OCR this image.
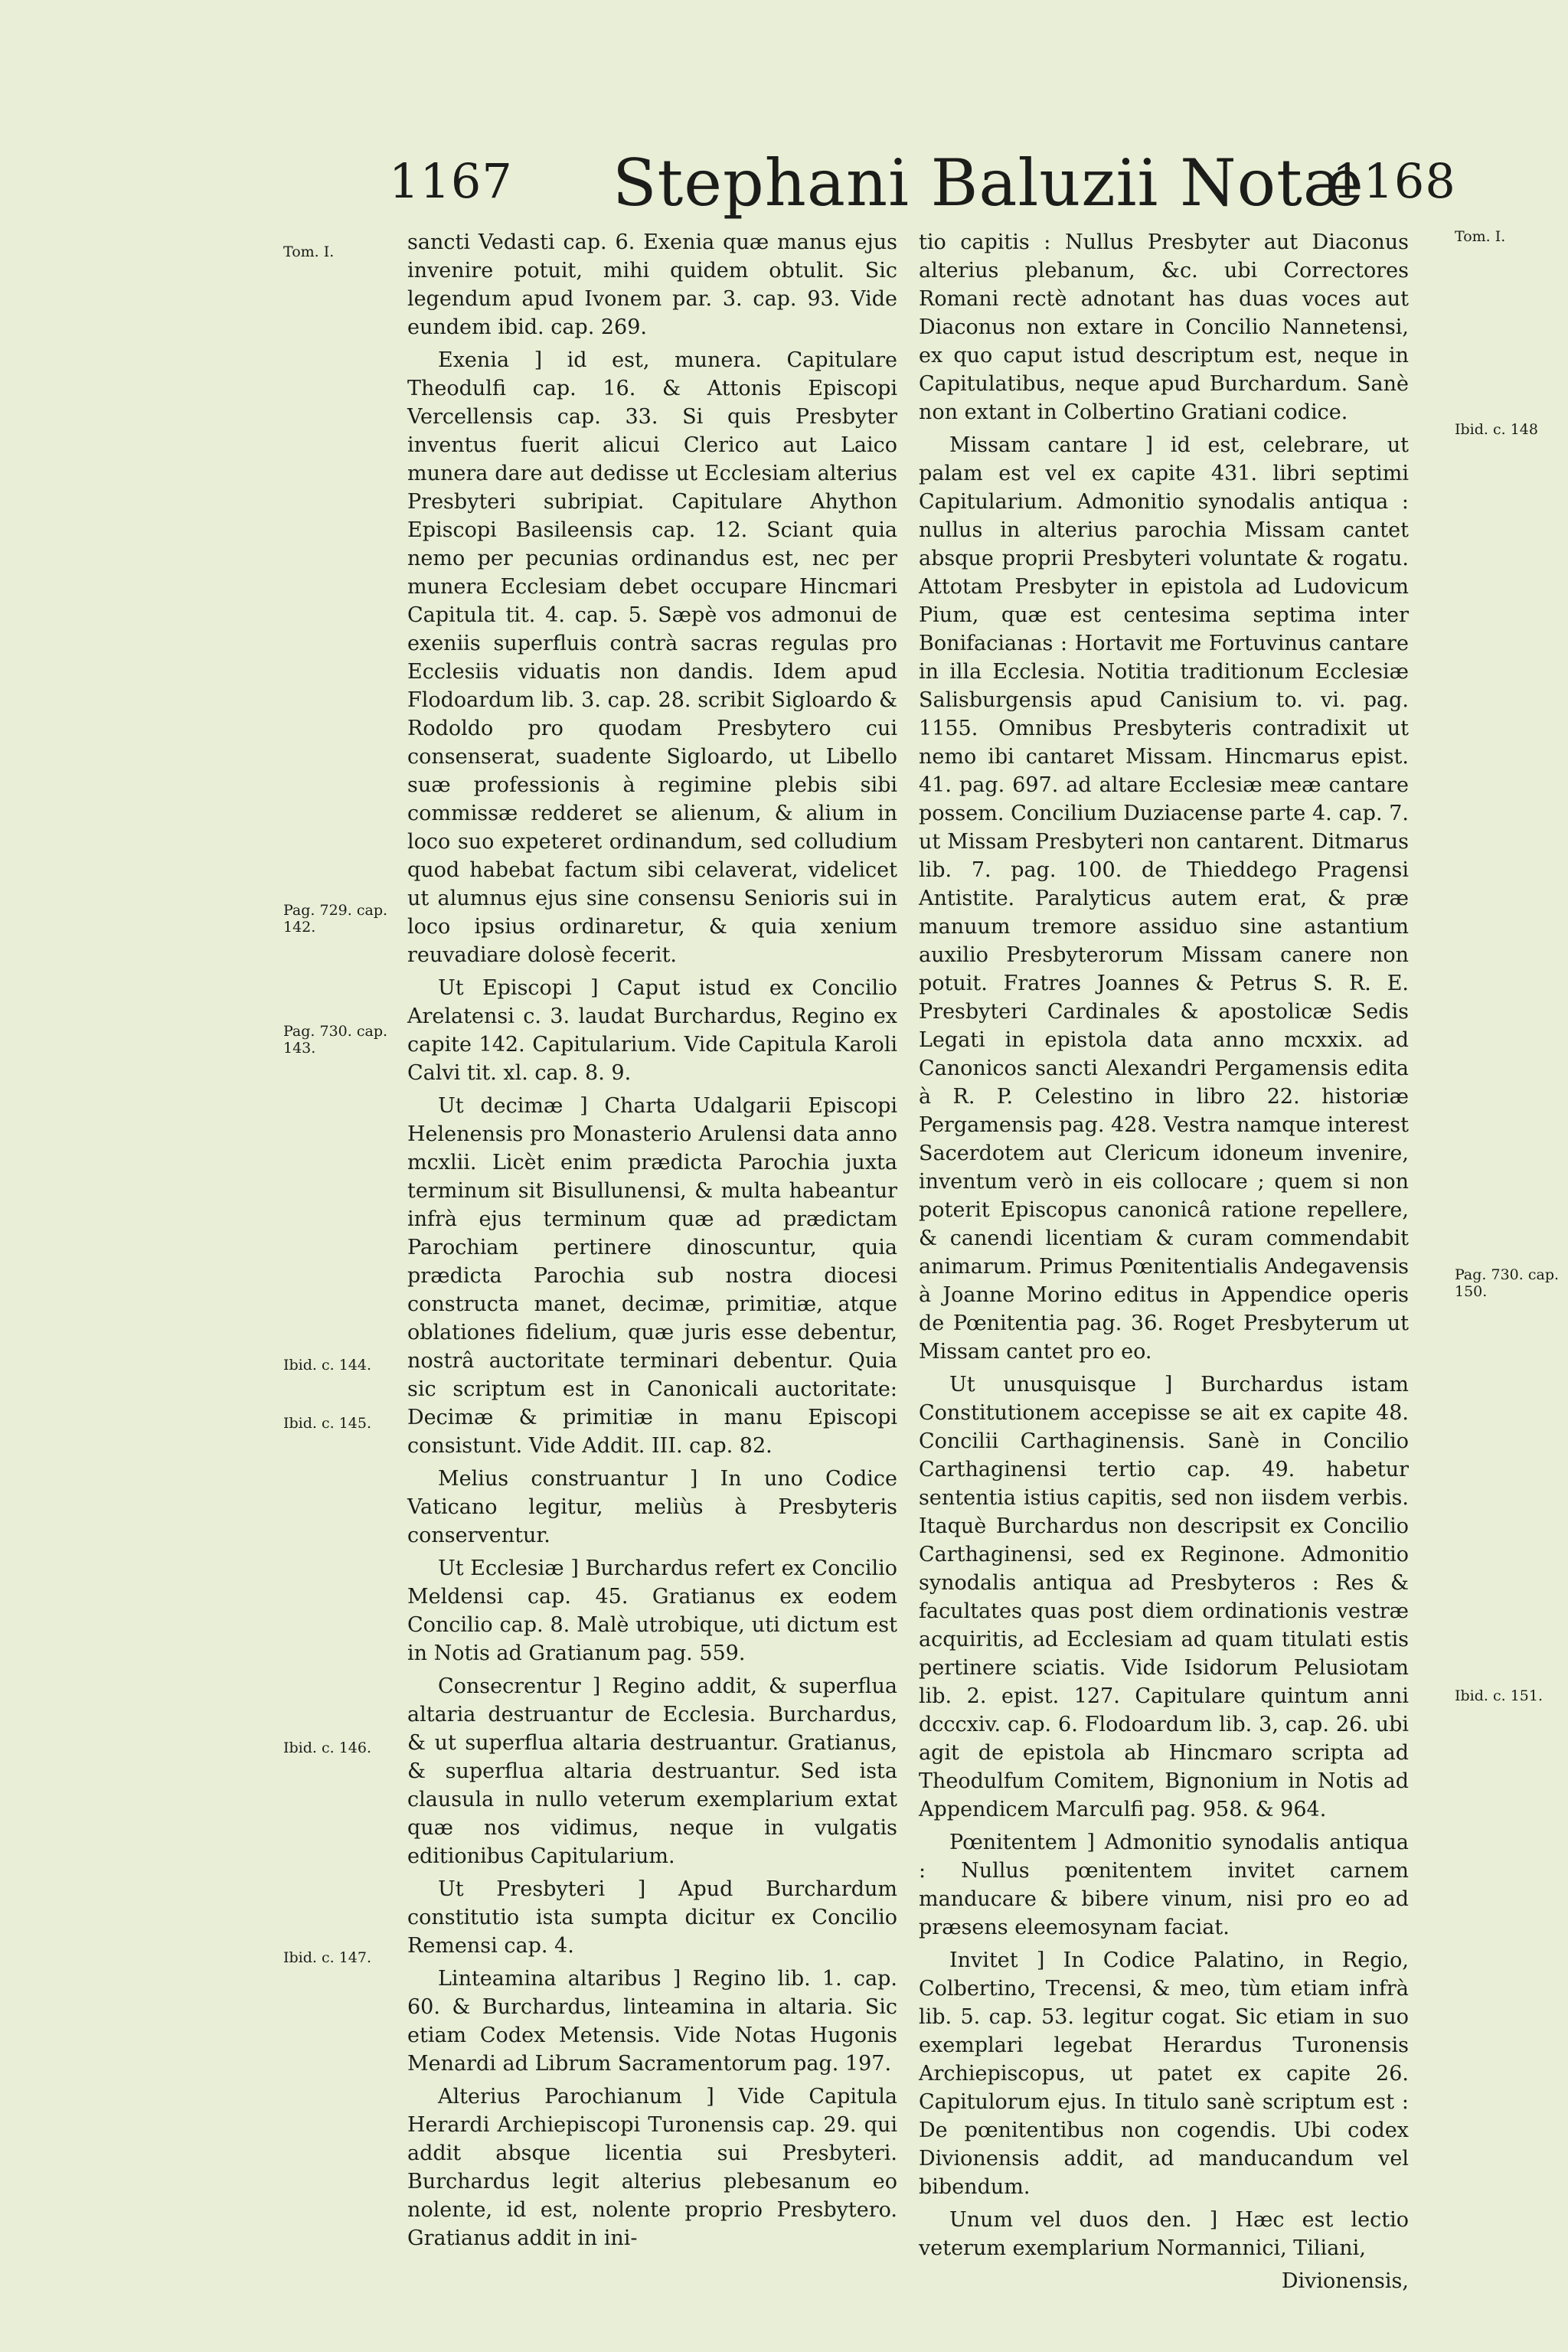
1167 Stephani Baluzii Notæ
1168
Tom. I.
Pag. 729. cap. 142.
Pag. 730. cap. 143.
Ibid. c. 144.
Ibid. c. 145.
Ibid. c. 146.
Ibid. c. 147.
Tom. I.
Ibid. c. 148
Pag. 730. cap. 150.
Ibid. c. 151.

sancti Vedasti cap. 6. Exenia quæ manus ejus invenire potuit, mihi quidem obtulit. Sic legendum apud Ivonem par. 3. cap. 93. Vide eundem ibid. cap. 269.

Exenia ] id est, munera. Capitulare Theodulfi cap. 16. & Attonis Episcopi Vercellensis cap. 33. Si quis Presbyter inventus fuerit alicui Clerico aut Laico munera dare aut dedisse ut Ecclesiam alterius Presbyteri subripiat. Capitulare Ahython Episcopi Basileensis cap. 12. Sciant quia nemo per pecunias ordinandus est, nec per munera Ecclesiam debet occupare Hincmari Capitula tit. 4. cap. 5. Sæpè vos admonui de exeniis superfluis contrà sacras regulas pro Ecclesiis viduatis non dandis. Idem apud Flodoardum lib. 3. cap. 28. scribit Sigloardo & Rodoldo pro quodam Presbytero cui consenserat, suadente Sigloardo, ut Libello suæ professionis à regimine plebis sibi commissæ redderet se alienum, & alium in loco suo expeteret ordinandum, sed colludium quod habebat factum sibi celaverat, videlicet ut alumnus ejus sine consensu Senioris sui in loco ipsius ordinaretur, & quia xenium reuvadiare dolosè fecerit.

Ut Episcopi ] Caput istud ex Concilio Arelatensi c. 3. laudat Burchardus, Regino ex capite 142. Capitularium. Vide Capitula Karoli Calvi tit. xl. cap. 8. 9.

Ut decimæ ] Charta Udalgarii Episcopi Helenensis pro Monasterio Arulensi data anno mcxlii. Licèt enim prædicta Parochia juxta terminum sit Bisullunensi, & multa habeantur infrà ejus terminum quæ ad prædictam Parochiam pertinere dinoscuntur, quia prædicta Parochia sub nostra diocesi constructa manet, decimæ, primitiæ, atque oblationes fidelium, quæ juris esse debentur, nostrâ auctoritate terminari debentur. Quia sic scriptum est in Canonicali auctoritate: Decimæ & primitiæ in manu Episcopi consistunt. Vide Addit. III. cap. 82.

Melius construantur ] In uno Codice Vaticano legitur, meliùs à Presbyteris conserventur.

Ut Ecclesiæ ] Burchardus refert ex Concilio Meldensi cap. 45. Gratianus ex eodem Concilio cap. 8. Malè utrobique, uti dictum est in Notis ad Gratianum pag. 559.

Consecrentur ] Regino addit, & superflua altaria destruantur de Ecclesia. Burchardus, & ut superflua altaria destruantur. Gratianus, & superflua altaria destruantur. Sed ista clausula in nullo veterum exemplarium extat quæ nos vidimus, neque in vulgatis editionibus Capitularium.

Ut Presbyteri ] Apud Burchardum constitutio ista sumpta dicitur ex Concilio Remensi cap. 4.

Linteamina altaribus ] Regino lib. 1. cap. 60. & Burchardus, linteamina in altaria. Sic etiam Codex Metensis. Vide Notas Hugonis Menardi ad Librum Sacramentorum pag. 197.

Alterius Parochianum ] Vide Capitula Herardi Archiepiscopi Turonensis cap. 29. qui addit absque licentia sui Presbyteri. Burchardus legit alterius plebesanum eo nolente, id est, nolente proprio Presbytero. Gratianus addit in ini-

tio capitis : Nullus Presbyter aut Diaconus alterius plebanum, &c. ubi Correctores Romani rectè adnotant has duas voces aut Diaconus non extare in Concilio Nannetensi, ex quo caput istud descriptum est, neque in Capitulatibus, neque apud Burchardum. Sanè non extant in Colbertino Gratiani codice.

Missam cantare ] id est, celebrare, ut palam est vel ex capite 431. libri septimi Capitularium. Admonitio synodalis antiqua : nullus in alterius parochia Missam cantet absque proprii Presbyteri voluntate & rogatu. Attotam Presbyter in epistola ad Ludovicum Pium, quæ est centesima septima inter Bonifacianas : Hortavit me Fortuvinus cantare in illa Ecclesia. Notitia traditionum Ecclesiæ Salisburgensis apud Canisium to. vi. pag. 1155. Omnibus Presbyteris contradixit ut nemo ibi cantaret Missam. Hincmarus epist. 41. pag. 697. ad altare Ecclesiæ meæ cantare possem. Concilium Duziacense parte 4. cap. 7. ut Missam Presbyteri non cantarent. Ditmarus lib. 7. pag. 100. de Thieddego Pragensi Antistite. Paralyticus autem erat, & præ manuum tremore assiduo sine astantium auxilio Presbyterorum Missam canere non potuit. Fratres Joannes & Petrus S. R. E. Presbyteri Cardinales & apostolicæ Sedis Legati in epistola data anno mcxxix. ad Canonicos sancti Alexandri Pergamensis edita à R. P. Celestino in libro 22. historiæ Pergamensis pag. 428. Vestra namque interest Sacerdotem aut Clericum idoneum invenire, inventum verò in eis collocare ; quem si non poterit Episcopus canonicâ ratione repellere, & canendi licentiam & curam commendabit animarum. Primus Pœnitentialis Andegavensis à Joanne Morino editus in Appendice operis de Pœnitentia pag. 36. Roget Presbyterum ut Missam cantet pro eo.

Ut unusquisque ] Burchardus istam Constitutionem accepisse se ait ex capite 48. Concilii Carthaginensis. Sanè in Concilio Carthaginensi tertio cap. 49. habetur sententia istius capitis, sed non iisdem verbis. Itaquè Burchardus non descripsit ex Concilio Carthaginensi, sed ex Reginone. Admonitio synodalis antiqua ad Presbyteros : Res & facultates quas post diem ordinationis vestræ acquiritis, ad Ecclesiam ad quam titulati estis pertinere sciatis. Vide Isidorum Pelusiotam lib. 2. epist. 127. Capitulare quintum anni dcccxiv. cap. 6. Flodoardum lib. 3, cap. 26. ubi agit de epistola ab Hincmaro scripta ad Theodulfum Comitem, Bignonium in Notis ad Appendicem Marculfi pag. 958. & 964.

Pœnitentem ] Admonitio synodalis antiqua : Nullus pœnitentem invitet carnem manducare & bibere vinum, nisi pro eo ad præsens eleemosynam faciat.

Invitet ] In Codice Palatino, in Regio, Colbertino, Trecensi, & meo, tùm etiam infrà lib. 5. cap. 53. legitur cogat. Sic etiam in suo exemplari legebat Herardus Turonensis Archiepiscopus, ut patet ex capite 26. Capitulorum ejus. In titulo sanè scriptum est : De pœnitentibus non cogendis. Ubi codex Divionensis addit, ad manducandum vel bibendum.

Unum vel duos den. ] Hæc est lectio veterum exemplarium Normannici, Tiliani,

Divionensis,
